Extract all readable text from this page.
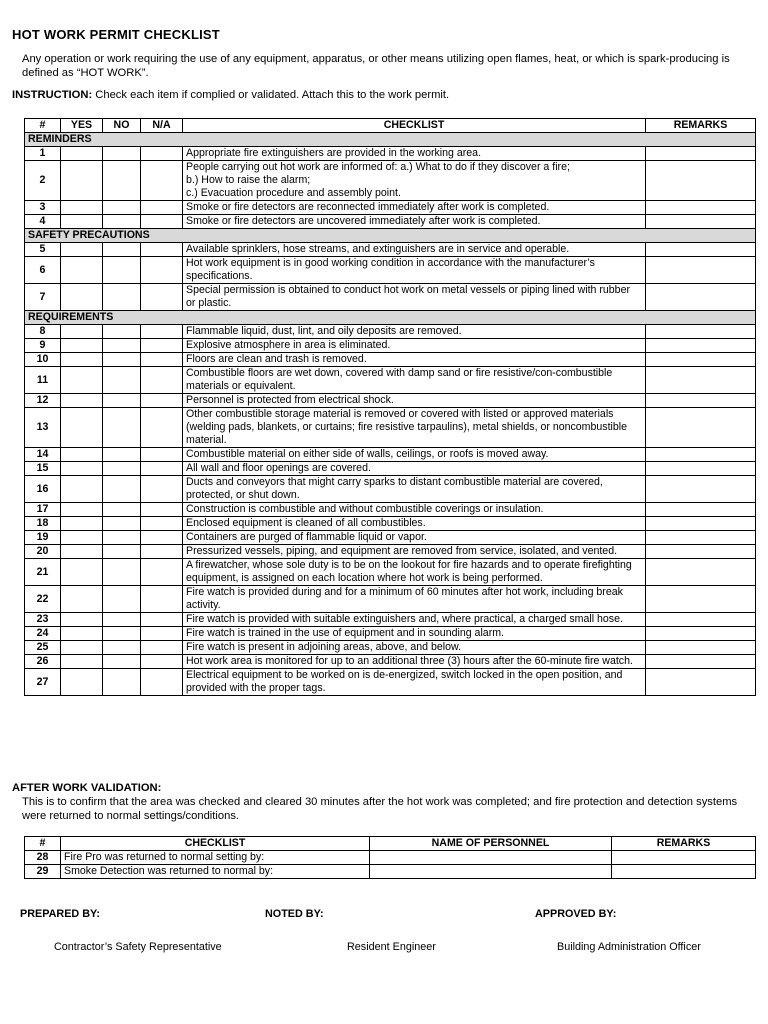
HOT WORK PERMIT CHECKLIST
Any operation or work requiring the use of any equipment, apparatus, or other means utilizing open flames, heat, or which is spark-producing is defined as “HOT WORK”.
INSTRUCTION: Check each item if complied or validated. Attach this to the work permit.
#	YES	NO	N/A	CHECKLIST	REMARKS
REMINDERS					
1				Appropriate fire extinguishers are provided in the working area.	
2				People carrying out hot work are informed of: a.) What to do if they discover a fire;
b.) How to raise the alarm;
c.) Evacuation procedure and assembly point.	
3				Smoke or fire detectors are reconnected immediately after work is completed.	
4				Smoke or fire detectors are uncovered immediately after work is completed.	
SAFETY PRECAUTIONS					
5				Available sprinklers, hose streams, and extinguishers are in service and operable.	
6				Hot work equipment is in good working condition in accordance with the manufacturer’s specifications.	
7				Special permission is obtained to conduct hot work on metal vessels or piping lined with rubber or plastic.	
REQUIREMENTS					
8				Flammable liquid, dust, lint, and oily deposits are removed.	
9				Explosive atmosphere in area is eliminated.	
10				Floors are clean and trash is removed.	
11				Combustible floors are wet down, covered with damp sand or fire resistive/con-combustible materials or equivalent.	
12				Personnel is protected from electrical shock.	
13				Other combustible storage material is removed or covered with listed or approved materials (welding pads, blankets, or curtains; fire resistive tarpaulins), metal shields, or noncombustible material.	
14				Combustible material on either side of walls, ceilings, or roofs is moved away.	
15				All wall and floor openings are covered.	
16				Ducts and conveyors that might carry sparks to distant combustible material are covered, protected, or shut down.	
17				Construction is combustible and without combustible coverings or insulation.	
18				Enclosed equipment is cleaned of all combustibles.	
19				Containers are purged of flammable liquid or vapor.	
20				Pressurized vessels, piping, and equipment are removed from service, isolated, and vented.	
21				A firewatcher, whose sole duty is to be on the lookout for fire hazards and to operate firefighting equipment, is assigned on each location where hot work is being performed.	
22				Fire watch is provided during and for a minimum of 60 minutes after hot work, including break activity.	
23				Fire watch is provided with suitable extinguishers and, where practical, a charged small hose.	
24				Fire watch is trained in the use of equipment and in sounding alarm.	
25				Fire watch is present in adjoining areas, above, and below.	
26				Hot work area is monitored for up to an additional three (3) hours after the 60-minute fire watch.	
27				Electrical equipment to be worked on is de-energized, switch locked in the open position, and provided with the proper tags.	
AFTER WORK VALIDATION:
This is to confirm that the area was checked and cleared 30 minutes after the hot work was completed; and fire protection and detection systems were returned to normal settings/conditions.
#	CHECKLIST	NAME OF PERSONNEL	REMARKS
28	Fire Pro was returned to normal setting by:		
29	Smoke Detection was returned to normal by:		
PREPARED BY:	NOTED BY:	APPROVED BY:
Contractor’s Safety Representative	Resident Engineer	Building Administration Officer
